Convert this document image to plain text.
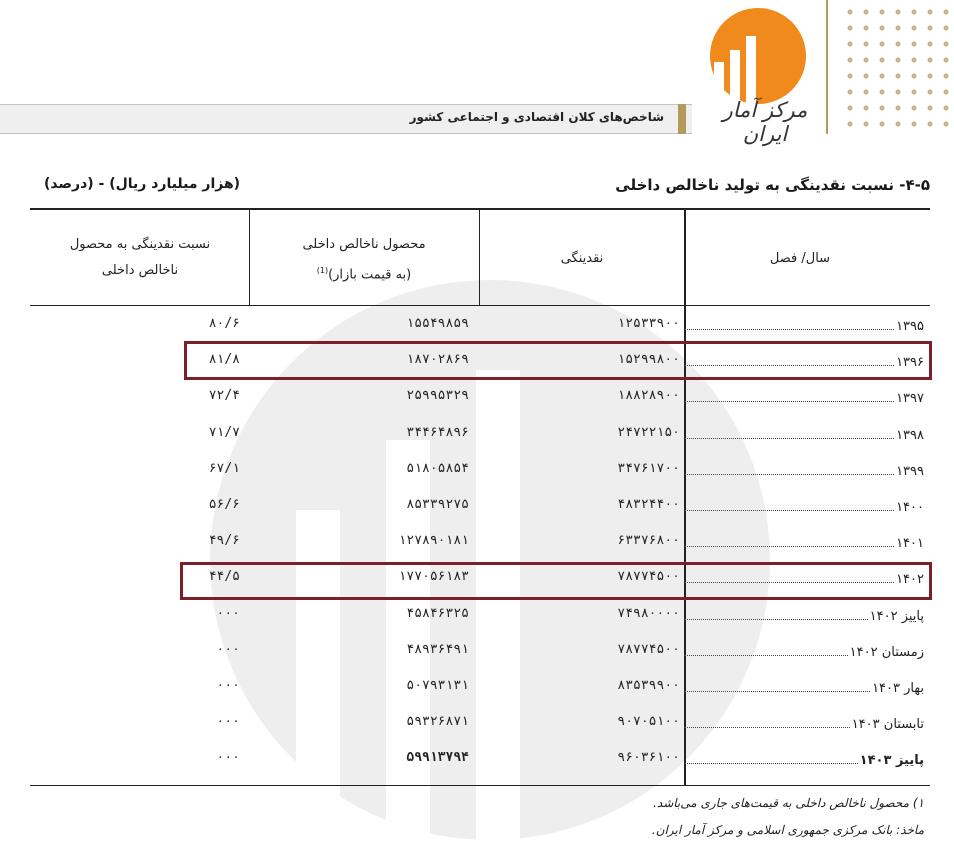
مرکز آمار ایران
شاخص‌های کلان اقتصادی و اجتماعی کشور
۴-۵- نسبت نقدینگی به تولید ناخالص داخلی
(هزار میلیارد ریال) - (درصد)
سال/ فصل
نقدینگی
محصول ناخالص داخلی
(به قیمت بازار)$^{(1)}$
نسبت نقدینگی به محصول
ناخالص داخلی
۱۳۹۵
۱۲۵۳۳۹۰۰
۱۵۵۴۹۸۵۹
۸۰/۶
۱۳۹۶
۱۵۲۹۹۸۰۰
۱۸۷۰۲۸۶۹
۸۱/۸
۱۳۹۷
۱۸۸۲۸۹۰۰
۲۵۹۹۵۳۲۹
۷۲/۴
۱۳۹۸
۲۴۷۲۲۱۵۰
۳۴۴۶۴۸۹۶
۷۱/۷
۱۳۹۹
۳۴۷۶۱۷۰۰
۵۱۸۰۵۸۵۴
۶۷/۱
۱۴۰۰
۴۸۳۲۴۴۰۰
۸۵۳۳۹۲۷۵
۵۶/۶
۱۴۰۱
۶۳۳۷۶۸۰۰
۱۲۷۸۹۰۱۸۱
۴۹/۶
۱۴۰۲
۷۸۷۷۴۵۰۰
۱۷۷۰۵۶۱۸۳
۴۴/۵
پاییز ۱۴۰۲
۷۴۹۸۰۰۰۰
۴۵۸۴۶۳۲۵
۰۰۰
زمستان ۱۴۰۲
۷۸۷۷۴۵۰۰
۴۸۹۳۶۴۹۱
۰۰۰
بهار ۱۴۰۳
۸۳۵۳۹۹۰۰
۵۰۷۹۳۱۳۱
۰۰۰
تابستان ۱۴۰۳
۹۰۷۰۵۱۰۰
۵۹۳۲۶۸۷۱
۰۰۰
پاییز ۱۴۰۳
۹۶۰۳۶۱۰۰
۵۹۹۱۳۷۹۴
۰۰۰
۱) محصول ناخالص داخلی به قیمت‌های جاری می‌باشد.
ماخذ: بانک مرکزی جمهوری اسلامی و مرکز آمار ایران.
